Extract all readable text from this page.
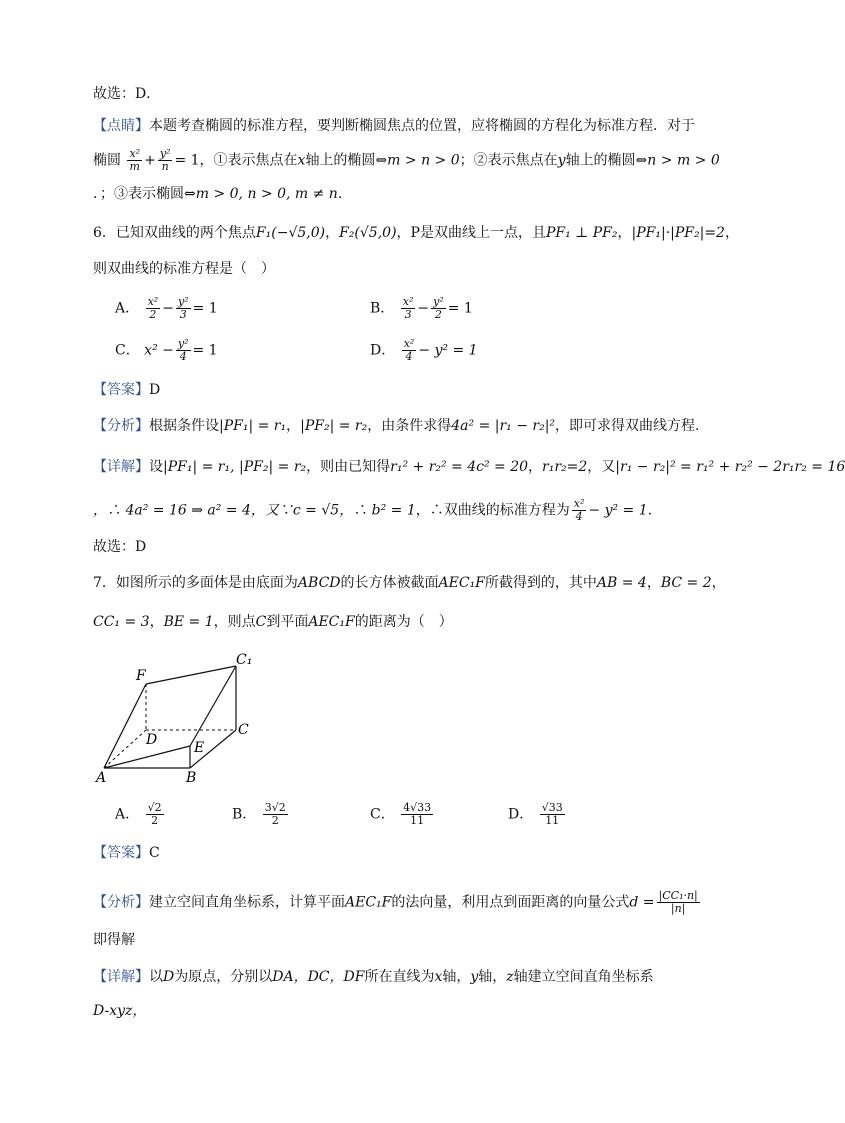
故选：D．
【点睛】本题考查椭圆的标准方程，要判断椭圆焦点的位置，应将椭圆的方程化为标准方程．对于
椭圆 $\frac{\text{x²}}{m} + \frac{\text{y²}}{n} = 1$，①表示焦点在x轴上的椭圆⇔m > n > 0；②表示焦点在y轴上的椭圆⇔n > m > 0
．；③表示椭圆⇔m > 0, n > 0, m ≠ n．
6．已知双曲线的两个焦点F₁(−√5,0)，F₂(√5,0)，P是双曲线上一点，且PF₁ ⊥ PF₂，|PF₁|·|PF₂|=2，
则双曲线的标准方程是（　）
A． $\frac{\text{x²}}{2} - \frac{\text{y²}}{3} = 1$	B． $\frac{\text{x²}}{3} - \frac{\text{y²}}{2} = 1$
C． $x^2 - \frac{\text{y²}}{4} = 1$	D． $\frac{\text{x²}}{4} - y^2 = 1$
【答案】D
【分析】根据条件设|PF₁| = r₁，|PF₂| = r₂，由条件求得4a² = |r₁ − r₂|²，即可求得双曲线方程.
【详解】设|PF₁| = r₁, |PF₂| = r₂，则由已知得r₁² + r₂² = 4c² = 20，r₁r₂=2，又|r₁ − r₂|² = r₁² + r₂² − 2r₁r₂ = 16
，∴ 4a² = 16 ⇒ a² = 4，又∵c = √5，∴ b² = 1，∴双曲线的标准方程为 $\frac{\text{x²}}{4} - y^2 = 1$.
故选：D
7．如图所示的多面体是由底面为ABCD的长方体被截面AEC₁F所截得到的，其中AB = 4，BC = 2，
CC₁ = 3，BE = 1，则点C到平面AEC₁F的距离为（　）
F
C₁
D
C
E
A	B
A． $\frac{√2}{2}$	B． $\frac{3√2}{2}$	C． $\frac{4√33}{11}$	D． $\frac{√33}{11}$
【答案】C
【分析】建立空间直角坐标系，计算平面AEC₁F的法向量，利用点到面距离的向量公式$d = \frac{\text{|CC₁·n|}}{|n|}$
即得解
【详解】以D为原点，分别以DA，DC，DF所在直线为x轴，y轴，z轴建立空间直角坐标系
D-xyz，
